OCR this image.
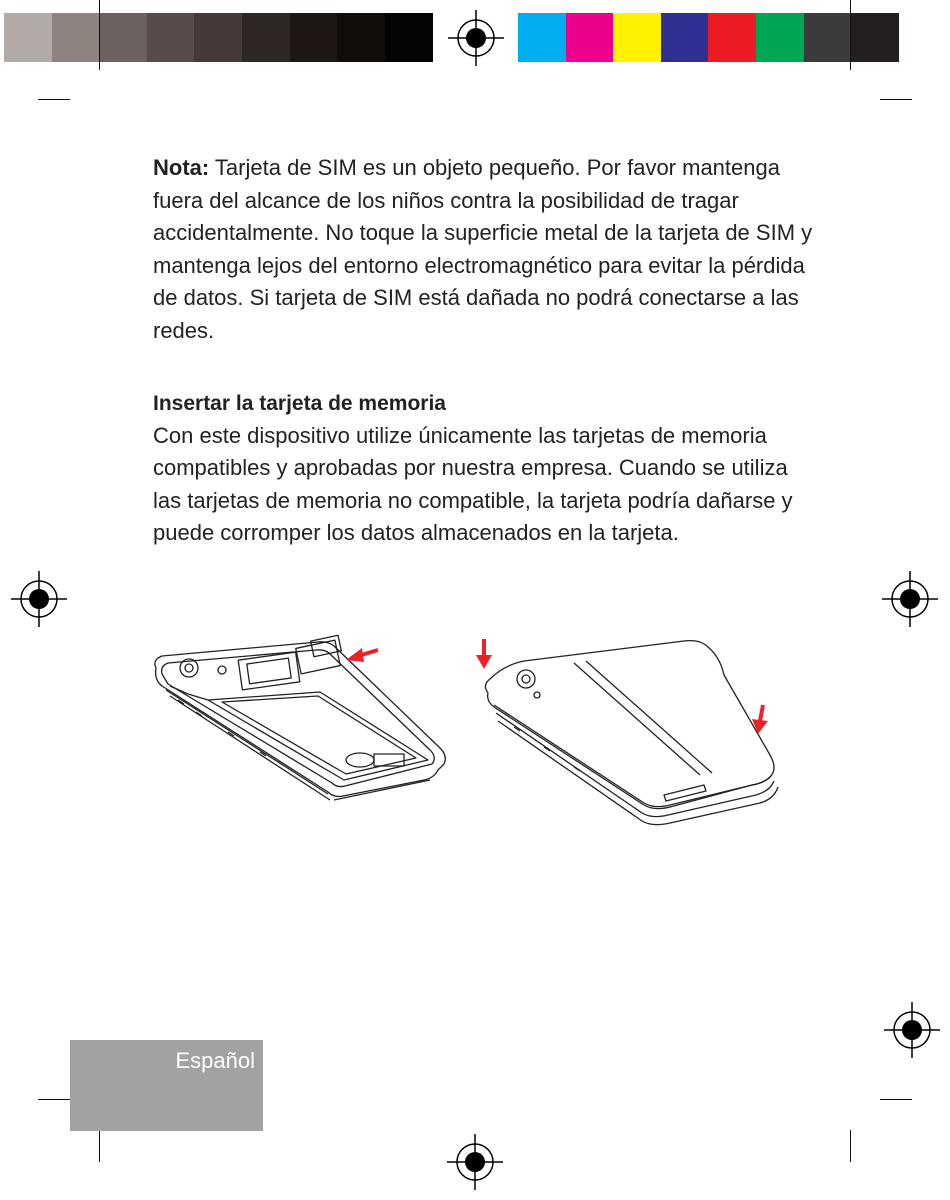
Nota: Tarjeta de SIM es un objeto pequeño. Por favor mantenga fuera del alcance de los niños contra la posibilidad de tragar accidentalmente. No toque la superficie metal de la tarjeta de SIM y mantenga lejos del entorno electromagnético para evitar la pérdida de datos. Si tarjeta de SIM está dañada no podrá conectarse a las redes.

Insertar la tarjeta de memoria

Con este dispositivo utilize únicamente las tarjetas de memoria compatibles y aprobadas por nuestra empresa. Cuando se utiliza las tarjetas de memoria no compatible, la tarjeta podría dañarse y puede corromper los datos almacenados en la tarjeta.

Español
